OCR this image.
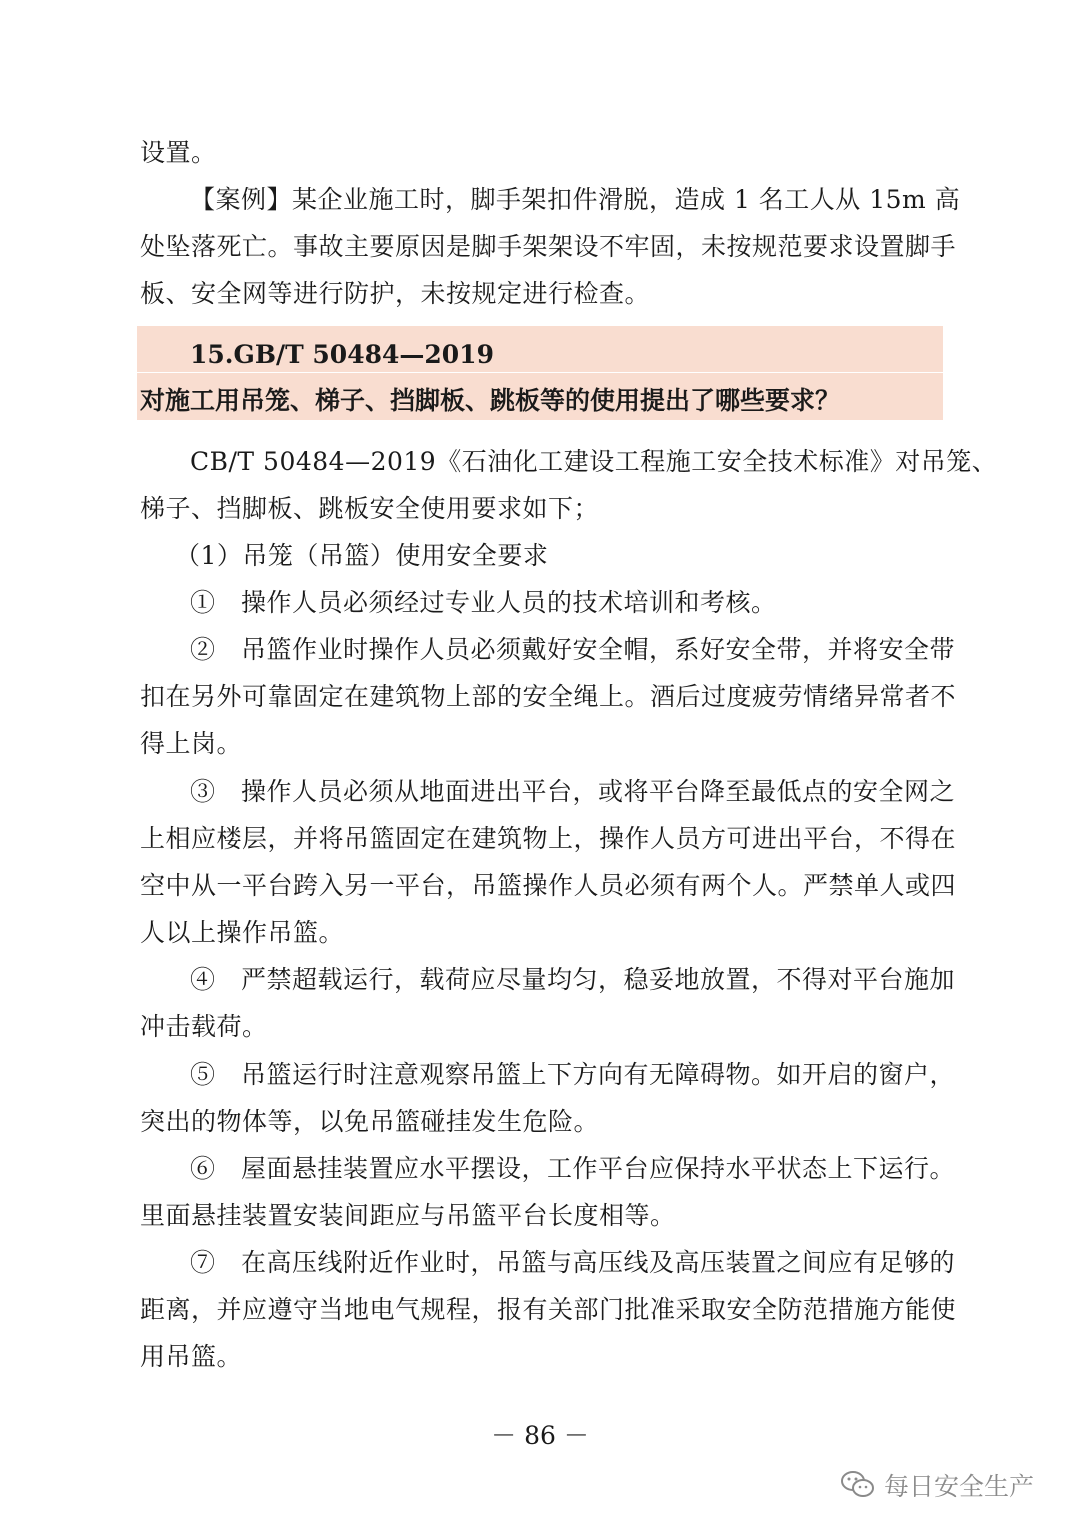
设置。
【案例】某企业施工时，脚手架扣件滑脱，造成 1 名工人从 15m 高
处坠落死亡。事故主要原因是脚手架架设不牢固，未按规范要求设置脚手
板、安全网等进行防护，未按规定进行检查。
15.GB/T 50484—2019
对施工用吊笼、梯子、挡脚板、跳板等的使用提出了哪些要求？
CB/T 50484—2019《石油化工建设工程施工安全技术标准》对吊笼、
梯子、挡脚板、跳板安全使用要求如下；
（1）吊笼（吊篮）使用安全要求
①　操作人员必须经过专业人员的技术培训和考核。
②　吊篮作业时操作人员必须戴好安全帽，系好安全带，并将安全带
扣在另外可靠固定在建筑物上部的安全绳上。酒后过度疲劳情绪异常者不
得上岗。
③　操作人员必须从地面进出平台，或将平台降至最低点的安全网之
上相应楼层，并将吊篮固定在建筑物上，操作人员方可进出平台，不得在
空中从一平台跨入另一平台，吊篮操作人员必须有两个人。严禁单人或四
人以上操作吊篮。
④　严禁超载运行，载荷应尽量均匀，稳妥地放置，不得对平台施加
冲击载荷。
⑤　吊篮运行时注意观察吊篮上下方向有无障碍物。如开启的窗户，
突出的物体等，以免吊篮碰挂发生危险。
⑥　屋面悬挂装置应水平摆设，工作平台应保持水平状态上下运行。
里面悬挂装置安装间距应与吊篮平台长度相等。
⑦　在高压线附近作业时，吊篮与高压线及高压装置之间应有足够的
距离，并应遵守当地电气规程，报有关部门批准采取安全防范措施方能使
用吊篮。
－ 86 －
每日安全生产
